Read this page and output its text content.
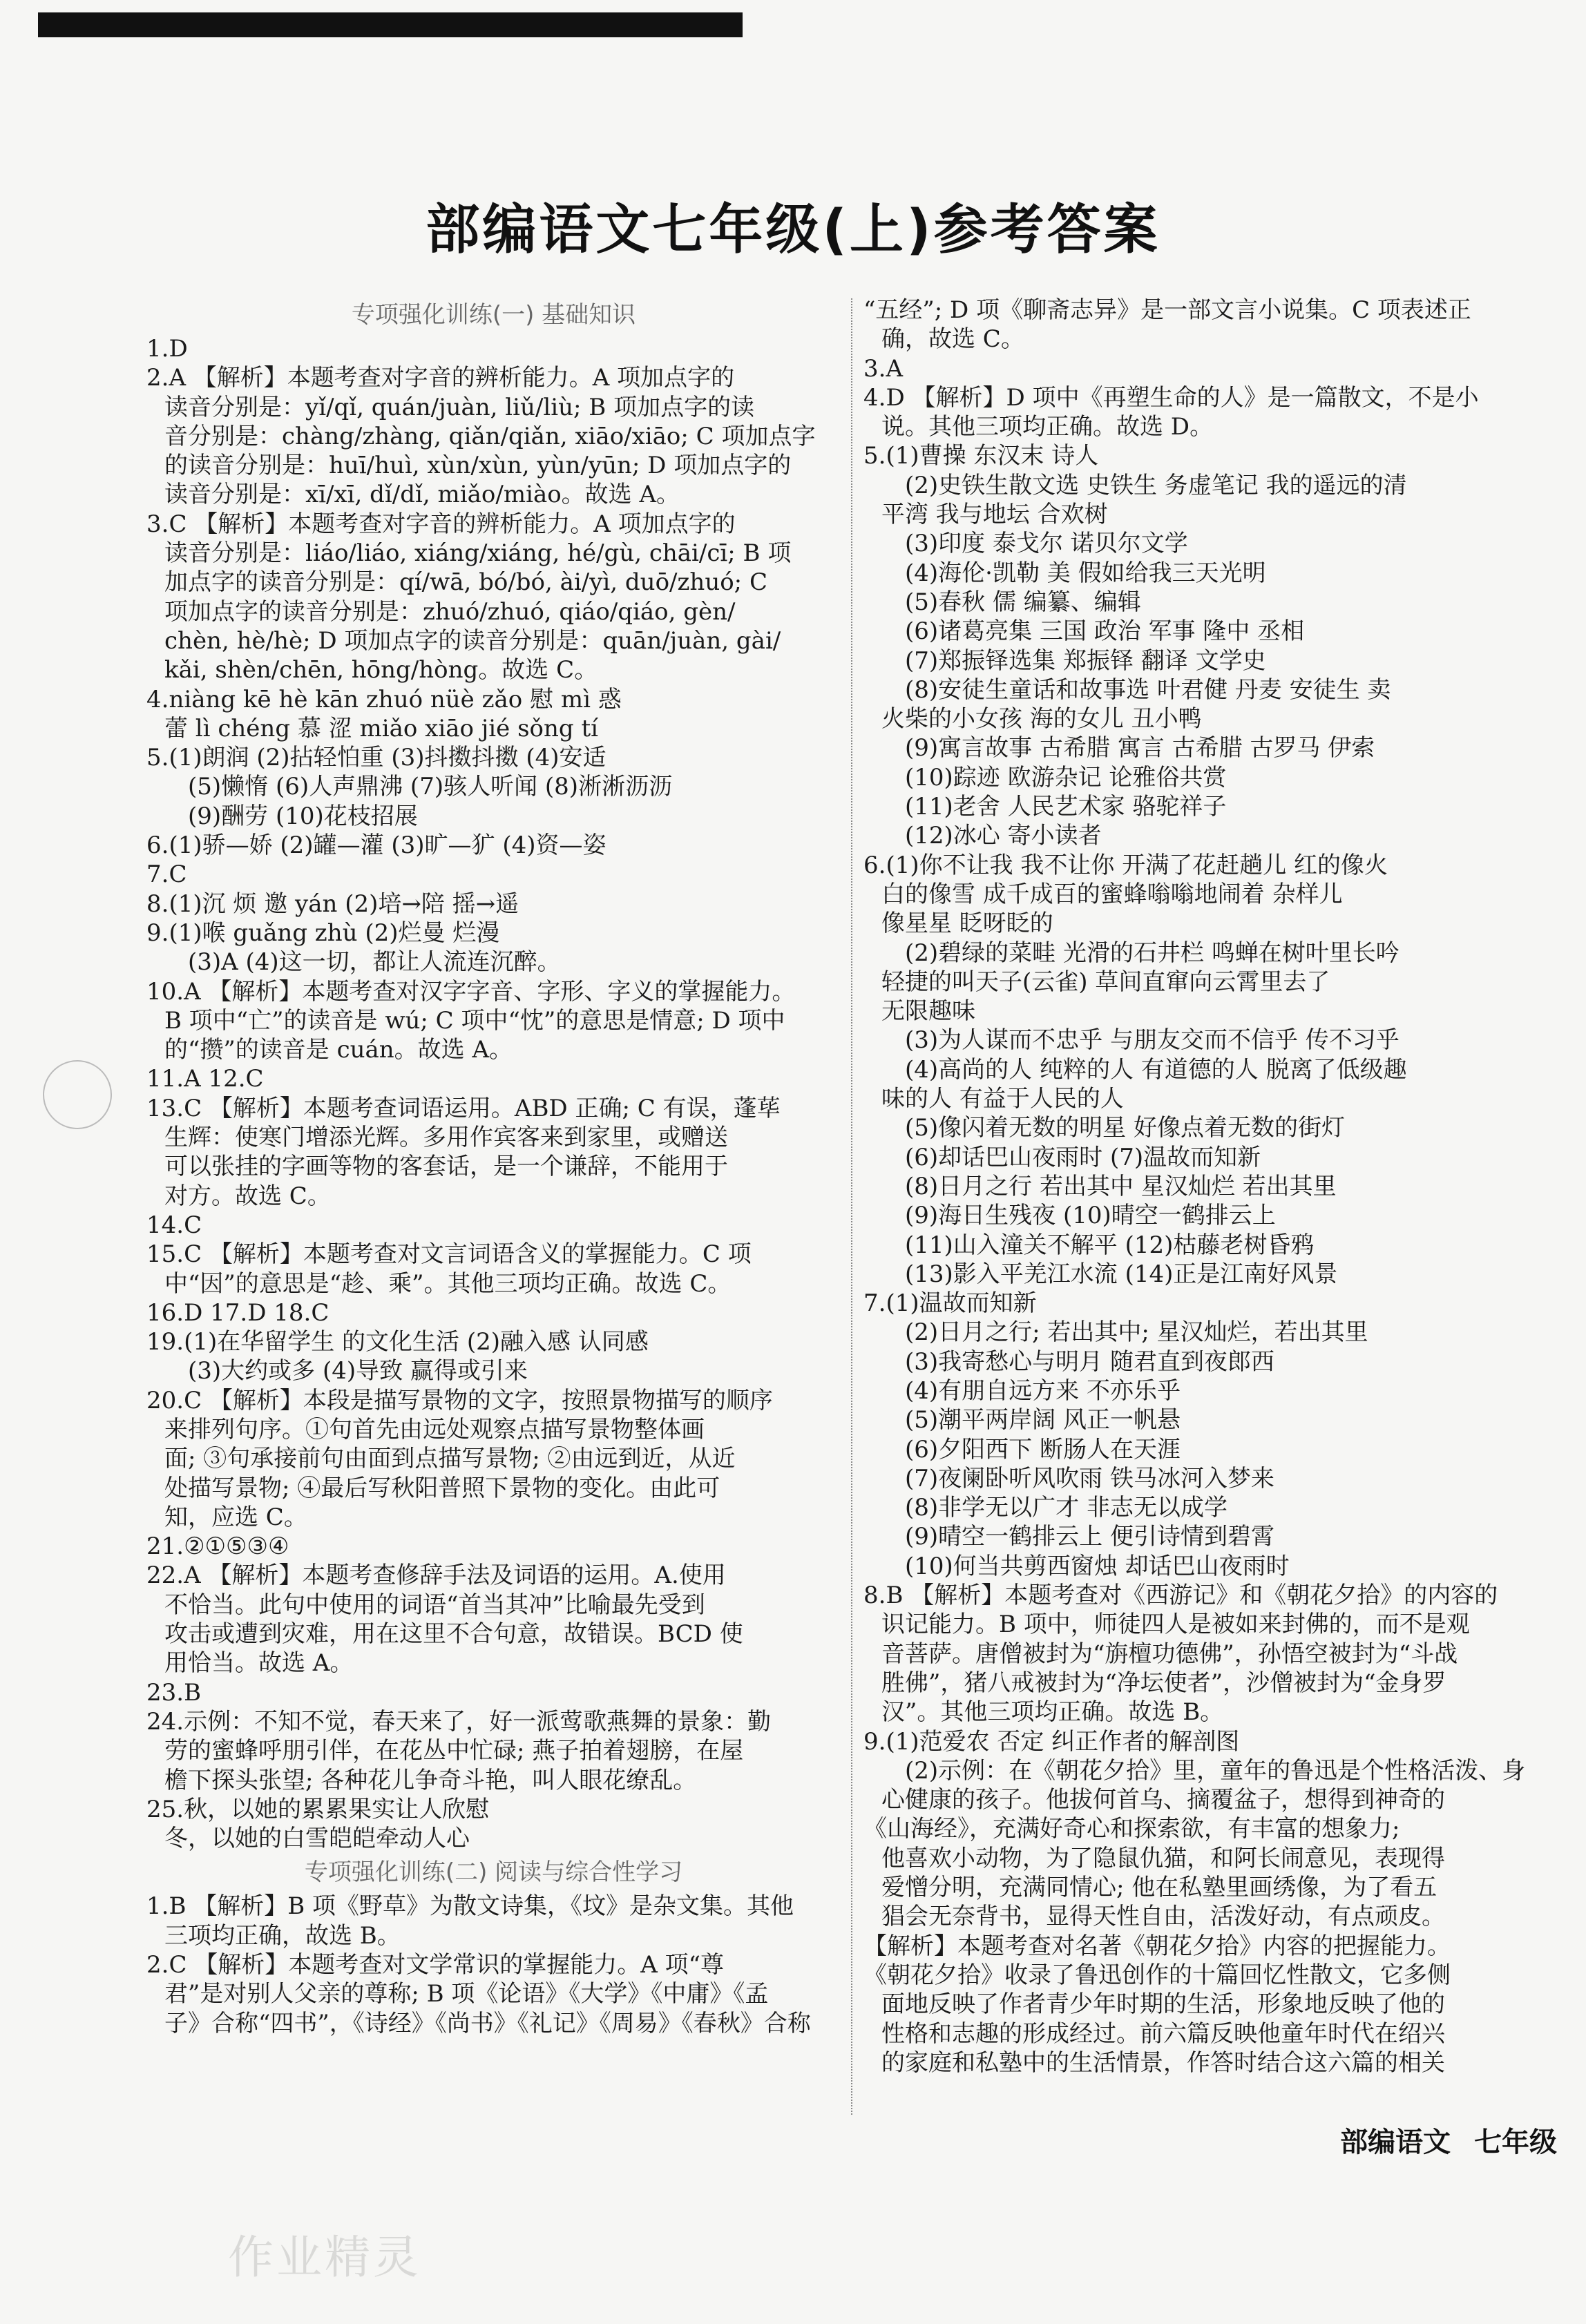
部编语文七年级(上)参考答案
专项强化训练(一) 基础知识
1.D
2.A 【解析】本题考查对字音的辨析能力。A 项加点字的
读音分别是：yǐ/qǐ, quán/juàn, liǔ/liù; B 项加点字的读
音分别是：chàng/zhàng, qiǎn/qiǎn, xiāo/xiāo; C 项加点字
的读音分别是：huī/huì, xùn/xùn, yùn/yūn; D 项加点字的
读音分别是：xī/xī, dǐ/dǐ, miǎo/miào。故选 A。
3.C 【解析】本题考查对字音的辨析能力。A 项加点字的
读音分别是：liáo/liáo, xiáng/xiáng, hé/gù, chāi/cī; B 项
加点字的读音分别是：qí/wā, bó/bó, ài/yì, duō/zhuó; C
项加点字的读音分别是：zhuó/zhuó, qiáo/qiáo, gèn/
chèn, hè/hè; D 项加点字的读音分别是：quān/juàn, gài/
kǎi, shèn/chēn, hōng/hòng。故选 C。
4.niàng kē hè kān zhuó nüè zǎo 慰 mì 惑
蕾 lì chéng 慕 涩 miǎo xiāo jié sǒng tí
5.(1)朗润 (2)拈轻怕重 (3)抖擞抖擞 (4)安适
(5)懒惰 (6)人声鼎沸 (7)骇人听闻 (8)淅淅沥沥
(9)酬劳 (10)花枝招展
6.(1)骄—娇 (2)罐—灌 (3)旷—犷 (4)资—姿
7.C
8.(1)沉 烦 邀 yán (2)培→陪 摇→遥
9.(1)喉 guǎng zhù (2)烂曼 烂漫
(3)A (4)这一切，都让人流连沉醉。
10.A 【解析】本题考查对汉字字音、字形、字义的掌握能力。
B 项中“亡”的读音是 wú; C 项中“忱”的意思是情意; D 项中
的“攒”的读音是 cuán。故选 A。
11.A 12.C
13.C 【解析】本题考查词语运用。ABD 正确; C 有误，蓬荜
生辉：使寒门增添光辉。多用作宾客来到家里，或赠送
可以张挂的字画等物的客套话，是一个谦辞，不能用于
对方。故选 C。
14.C
15.C 【解析】本题考查对文言词语含义的掌握能力。C 项
中“因”的意思是“趁、乘”。其他三项均正确。故选 C。
16.D 17.D 18.C
19.(1)在华留学生 的文化生活 (2)融入感 认同感
(3)大约或多 (4)导致 赢得或引来
20.C 【解析】本段是描写景物的文字，按照景物描写的顺序
来排列句序。①句首先由远处观察点描写景物整体画
面; ③句承接前句由面到点描写景物; ②由远到近，从近
处描写景物; ④最后写秋阳普照下景物的变化。由此可
知，应选 C。
21.②①⑤③④
22.A 【解析】本题考查修辞手法及词语的运用。A.使用
不恰当。此句中使用的词语“首当其冲”比喻最先受到
攻击或遭到灾难，用在这里不合句意，故错误。BCD 使
用恰当。故选 A。
23.B
24.示例：不知不觉，春天来了，好一派莺歌燕舞的景象：勤
劳的蜜蜂呼朋引伴，在花丛中忙碌; 燕子拍着翅膀，在屋
檐下探头张望; 各种花儿争奇斗艳，叫人眼花缭乱。
25.秋，以她的累累果实让人欣慰
冬，以她的白雪皑皑牵动人心
专项强化训练(二) 阅读与综合性学习
1.B 【解析】B 项《野草》为散文诗集，《坟》是杂文集。其他
三项均正确，故选 B。
2.C 【解析】本题考查对文学常识的掌握能力。A 项“尊
君”是对别人父亲的尊称; B 项《论语》《大学》《中庸》《孟
子》合称“四书”，《诗经》《尚书》《礼记》《周易》《春秋》合称
“五经”; D 项《聊斋志异》是一部文言小说集。C 项表述正
确，故选 C。
3.A
4.D 【解析】D 项中《再塑生命的人》是一篇散文，不是小
说。其他三项均正确。故选 D。
5.(1)曹操 东汉末 诗人
(2)史铁生散文选 史铁生 务虚笔记 我的遥远的清
平湾 我与地坛 合欢树
(3)印度 泰戈尔 诺贝尔文学
(4)海伦·凯勒 美 假如给我三天光明
(5)春秋 儒 编纂、编辑
(6)诸葛亮集 三国 政治 军事 隆中 丞相
(7)郑振铎选集 郑振铎 翻译 文学史
(8)安徒生童话和故事选 叶君健 丹麦 安徒生 卖
火柴的小女孩 海的女儿 丑小鸭
(9)寓言故事 古希腊 寓言 古希腊 古罗马 伊索
(10)踪迹 欧游杂记 论雅俗共赏
(11)老舍 人民艺术家 骆驼祥子
(12)冰心 寄小读者
6.(1)你不让我 我不让你 开满了花赶趟儿 红的像火
白的像雪 成千成百的蜜蜂嗡嗡地闹着 杂样儿
像星星 眨呀眨的
(2)碧绿的菜畦 光滑的石井栏 鸣蝉在树叶里长吟
轻捷的叫天子(云雀) 草间直窜向云霄里去了
无限趣味
(3)为人谋而不忠乎 与朋友交而不信乎 传不习乎
(4)高尚的人 纯粹的人 有道德的人 脱离了低级趣
味的人 有益于人民的人
(5)像闪着无数的明星 好像点着无数的街灯
(6)却话巴山夜雨时 (7)温故而知新
(8)日月之行 若出其中 星汉灿烂 若出其里
(9)海日生残夜 (10)晴空一鹤排云上
(11)山入潼关不解平 (12)枯藤老树昏鸦
(13)影入平羌江水流 (14)正是江南好风景
7.(1)温故而知新
(2)日月之行; 若出其中; 星汉灿烂，若出其里
(3)我寄愁心与明月 随君直到夜郎西
(4)有朋自远方来 不亦乐乎
(5)潮平两岸阔 风正一帆悬
(6)夕阳西下 断肠人在天涯
(7)夜阑卧听风吹雨 铁马冰河入梦来
(8)非学无以广才 非志无以成学
(9)晴空一鹤排云上 便引诗情到碧霄
(10)何当共剪西窗烛 却话巴山夜雨时
8.B 【解析】本题考查对《西游记》和《朝花夕拾》的内容的
识记能力。B 项中，师徒四人是被如来封佛的，而不是观
音菩萨。唐僧被封为“旃檀功德佛”，孙悟空被封为“斗战
胜佛”，猪八戒被封为“净坛使者”，沙僧被封为“金身罗
汉”。其他三项均正确。故选 B。
9.(1)范爱农 否定 纠正作者的解剖图
(2)示例：在《朝花夕拾》里，童年的鲁迅是个性格活泼、身
心健康的孩子。他拔何首乌、摘覆盆子，想得到神奇的
《山海经》，充满好奇心和探索欲，有丰富的想象力;
他喜欢小动物，为了隐鼠仇猫，和阿长闹意见，表现得
爱憎分明，充满同情心; 他在私塾里画绣像，为了看五
猖会无奈背书，显得天性自由，活泼好动，有点顽皮。
【解析】本题考查对名著《朝花夕拾》内容的把握能力。
《朝花夕拾》收录了鲁迅创作的十篇回忆性散文，它多侧
面地反映了作者青少年时期的生活，形象地反映了他的
性格和志趣的形成经过。前六篇反映他童年时代在绍兴
的家庭和私塾中的生活情景，作答时结合这六篇的相关
部编语文 七年级
作业精灵
